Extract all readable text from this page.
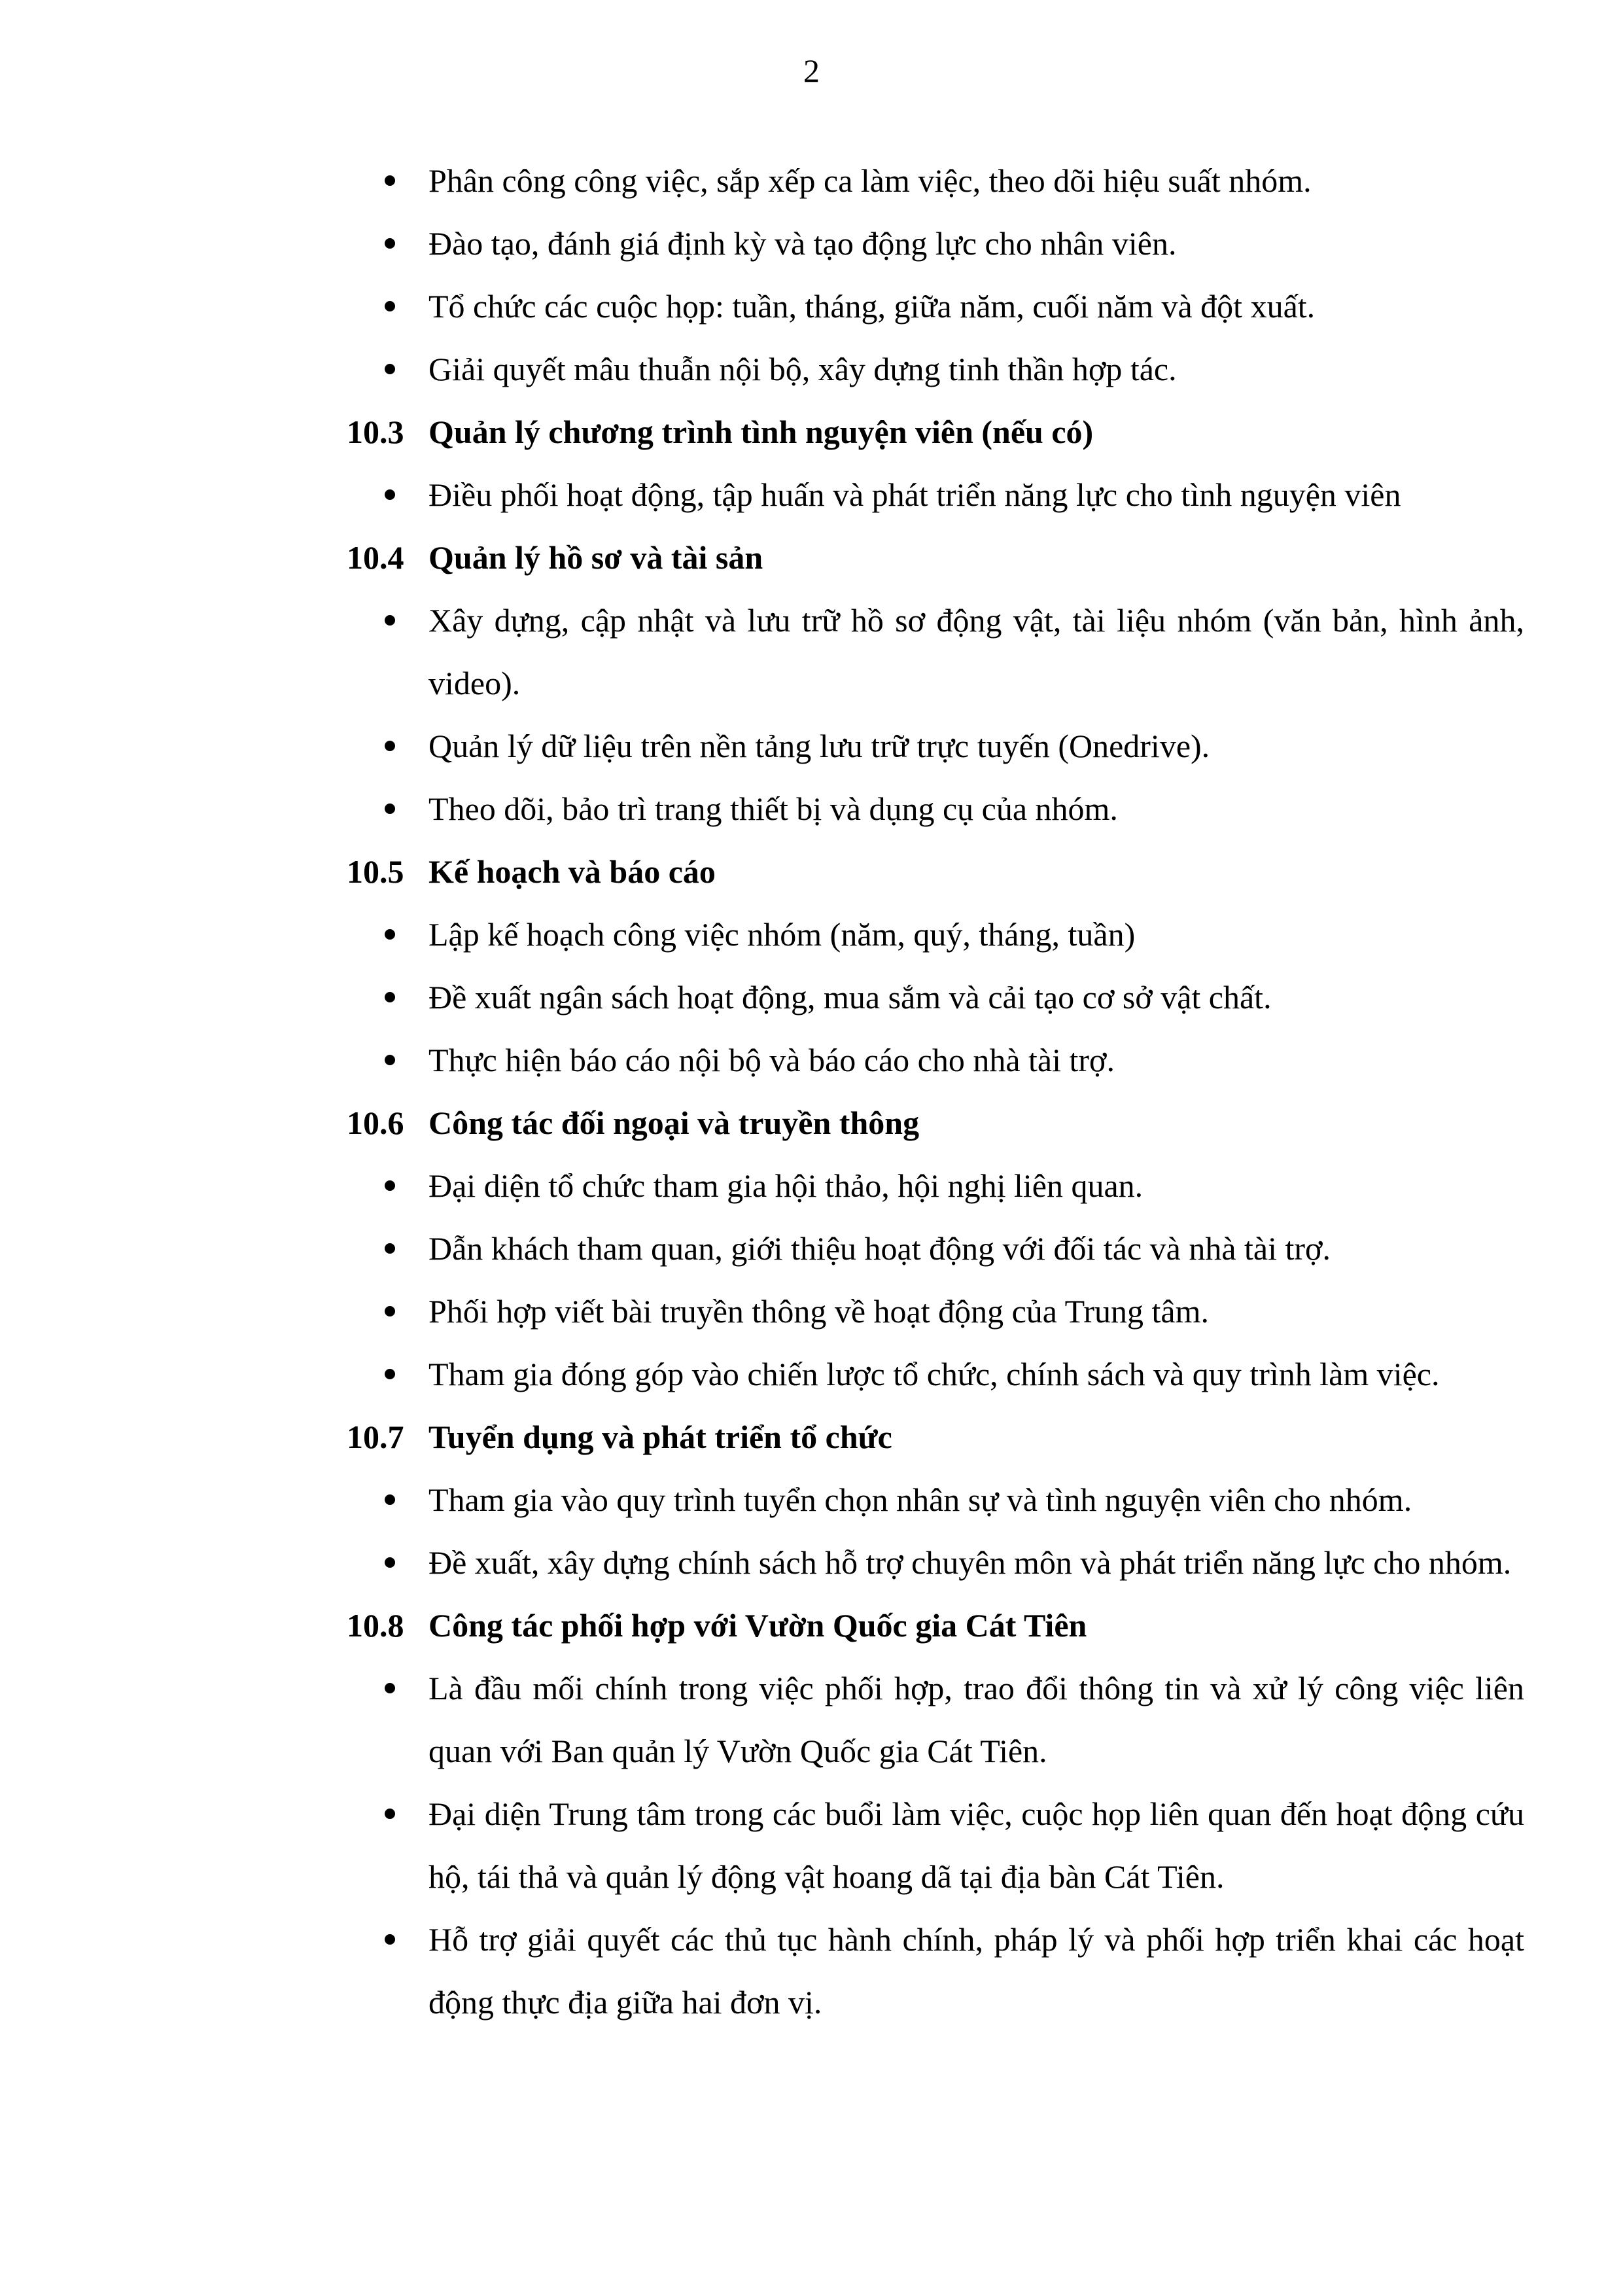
2
Phân công công việc, sắp xếp ca làm việc, theo dõi hiệu suất nhóm.
Đào tạo, đánh giá định kỳ và tạo động lực cho nhân viên.
Tổ chức các cuộc họp: tuần, tháng, giữa năm, cuối năm và đột xuất.
Giải quyết mâu thuẫn nội bộ, xây dựng tinh thần hợp tác.
10.3 Quản lý chương trình tình nguyện viên (nếu có)
Điều phối hoạt động, tập huấn và phát triển năng lực cho tình nguyện viên
10.4 Quản lý hồ sơ và tài sản
Xây dựng, cập nhật và lưu trữ hồ sơ động vật, tài liệu nhóm (văn bản, hình ảnh, video).
Quản lý dữ liệu trên nền tảng lưu trữ trực tuyến (Onedrive).
Theo dõi, bảo trì trang thiết bị và dụng cụ của nhóm.
10.5 Kế hoạch và báo cáo
Lập kế hoạch công việc nhóm (năm, quý, tháng, tuần)
Đề xuất ngân sách hoạt động, mua sắm và cải tạo cơ sở vật chất.
Thực hiện báo cáo nội bộ và báo cáo cho nhà tài trợ.
10.6 Công tác đối ngoại và truyền thông
Đại diện tổ chức tham gia hội thảo, hội nghị liên quan.
Dẫn khách tham quan, giới thiệu hoạt động với đối tác và nhà tài trợ.
Phối hợp viết bài truyền thông về hoạt động của Trung tâm.
Tham gia đóng góp vào chiến lược tổ chức, chính sách và quy trình làm việc.
10.7 Tuyển dụng và phát triển tổ chức
Tham gia vào quy trình tuyển chọn nhân sự và tình nguyện viên cho nhóm.
Đề xuất, xây dựng chính sách hỗ trợ chuyên môn và phát triển năng lực cho nhóm.
10.8 Công tác phối hợp với Vườn Quốc gia Cát Tiên
Là đầu mối chính trong việc phối hợp, trao đổi thông tin và xử lý công việc liên quan với Ban quản lý Vườn Quốc gia Cát Tiên.
Đại diện Trung tâm trong các buổi làm việc, cuộc họp liên quan đến hoạt động cứu hộ, tái thả và quản lý động vật hoang dã tại địa bàn Cát Tiên.
Hỗ trợ giải quyết các thủ tục hành chính, pháp lý và phối hợp triển khai các hoạt động thực địa giữa hai đơn vị.
